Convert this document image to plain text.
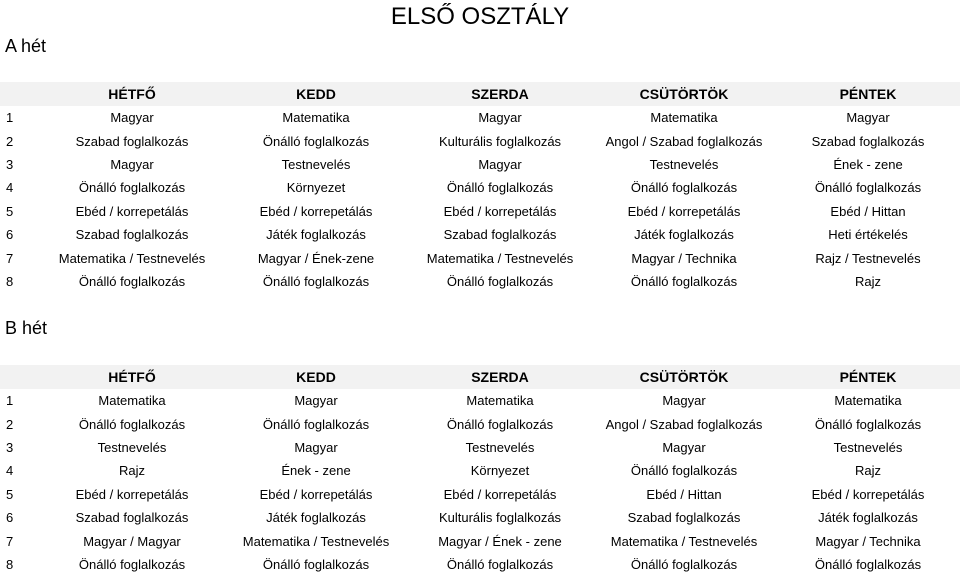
ELSŐ OSZTÁLY
A hét
	HÉTFŐ	KEDD	SZERDA	CSÜTÖRTÖK	PÉNTEK
1	Magyar	Matematika	Magyar	Matematika	Magyar
2	Szabad foglalkozás	Önálló foglalkozás	Kulturális foglalkozás	Angol / Szabad foglalkozás	Szabad foglalkozás
3	Magyar	Testnevelés	Magyar	Testnevelés	Ének - zene
4	Önálló foglalkozás	Környezet	Önálló foglalkozás	Önálló foglalkozás	Önálló foglalkozás
5	Ebéd / korrepetálás	Ebéd / korrepetálás	Ebéd / korrepetálás	Ebéd / korrepetálás	Ebéd / Hittan
6	Szabad foglalkozás	Játék foglalkozás	Szabad foglalkozás	Játék foglalkozás	Heti értékelés
7	Matematika / Testnevelés	Magyar / Ének-zene	Matematika / Testnevelés	Magyar / Technika	Rajz / Testnevelés
8	Önálló foglalkozás	Önálló foglalkozás	Önálló foglalkozás	Önálló foglalkozás	Rajz
B hét
	HÉTFŐ	KEDD	SZERDA	CSÜTÖRTÖK	PÉNTEK
1	Matematika	Magyar	Matematika	Magyar	Matematika
2	Önálló foglalkozás	Önálló foglalkozás	Önálló foglalkozás	Angol / Szabad foglalkozás	Önálló foglalkozás
3	Testnevelés	Magyar	Testnevelés	Magyar	Testnevelés
4	Rajz	Ének - zene	Környezet	Önálló foglalkozás	Rajz
5	Ebéd / korrepetálás	Ebéd / korrepetálás	Ebéd / korrepetálás	Ebéd / Hittan	Ebéd / korrepetálás
6	Szabad foglalkozás	Játék foglalkozás	Kulturális foglalkozás	Szabad foglalkozás	Játék foglalkozás
7	Magyar / Magyar	Matematika / Testnevelés	Magyar / Ének - zene	Matematika / Testnevelés	Magyar / Technika
8	Önálló foglalkozás	Önálló foglalkozás	Önálló foglalkozás	Önálló foglalkozás	Önálló foglalkozás
